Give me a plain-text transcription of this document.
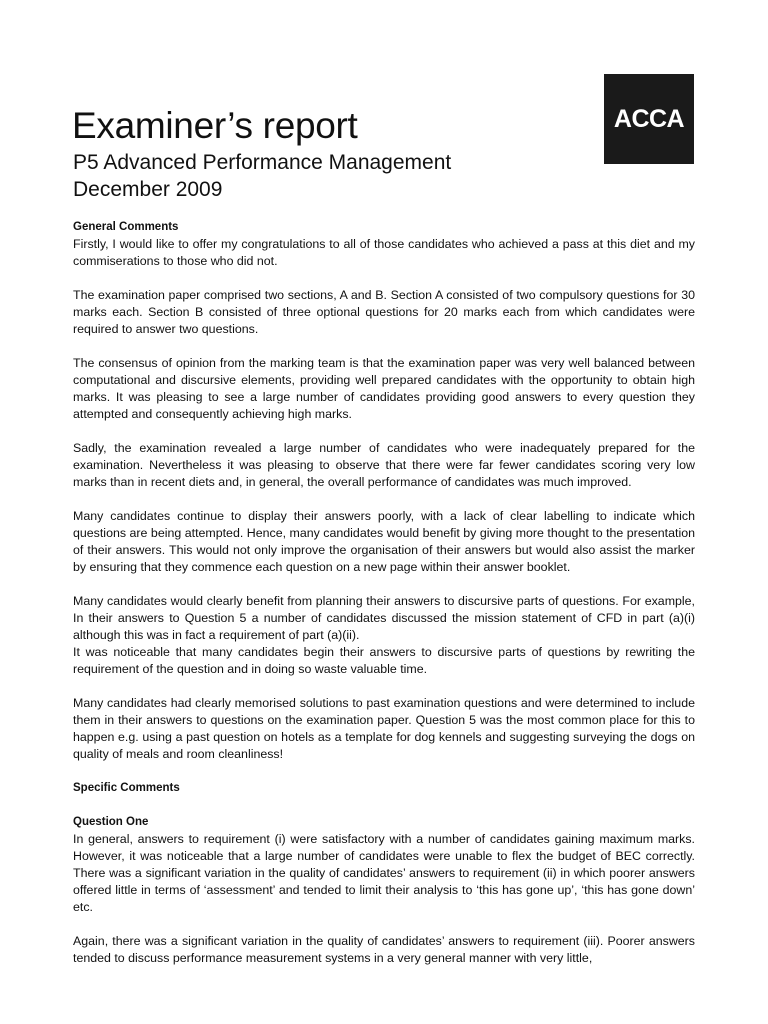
ACCA
Examiner’s report
P5 Advanced Performance Management
December 2009
General Comments

Firstly, I would like to offer my congratulations to all of those candidates who achieved a pass at this diet and my commiserations to those who did not.

The examination paper comprised two sections, A and B. Section A consisted of two compulsory questions for 30 marks each. Section B consisted of three optional questions for 20 marks each from which candidates were required to answer two questions.

The consensus of opinion from the marking team is that the examination paper was very well balanced between computational and discursive elements, providing well prepared candidates with the opportunity to obtain high marks. It was pleasing to see a large number of candidates providing good answers to every question they attempted and consequently achieving high marks.

Sadly, the examination revealed a large number of candidates who were inadequately prepared for the examination. Nevertheless it was pleasing to observe that there were far fewer candidates scoring very low marks than in recent diets and, in general, the overall performance of candidates was much improved.

Many candidates continue to display their answers poorly, with a lack of clear labelling to indicate which questions are being attempted. Hence, many candidates would benefit by giving more thought to the presentation of their answers. This would not only improve the organisation of their answers but would also assist the marker by ensuring that they commence each question on a new page within their answer booklet.

Many candidates would clearly benefit from planning their answers to discursive parts of questions. For example, In their answers to Question 5 a number of candidates discussed the mission statement of CFD in part (a)(i) although this was in fact a requirement of part (a)(ii).

It was noticeable that many candidates begin their answers to discursive parts of questions by rewriting the requirement of the question and in doing so waste valuable time.

Many candidates had clearly memorised solutions to past examination questions and were determined to include them in their answers to questions on the examination paper. Question 5 was the most common place for this to happen e.g. using a past question on hotels as a template for dog kennels and suggesting surveying the dogs on quality of meals and room cleanliness!

Specific Comments
Question One

In general, answers to requirement (i) were satisfactory with a number of candidates gaining maximum marks. However, it was noticeable that a large number of candidates were unable to flex the budget of BEC correctly. There was a significant variation in the quality of candidates’ answers to requirement (ii) in which poorer answers offered little in terms of ‘assessment’ and tended to limit their analysis to ‘this has gone up’, ‘this has gone down’ etc.

Again, there was a significant variation in the quality of candidates’ answers to requirement (iii). Poorer answers tended to discuss performance measurement systems in a very general manner with very little,
